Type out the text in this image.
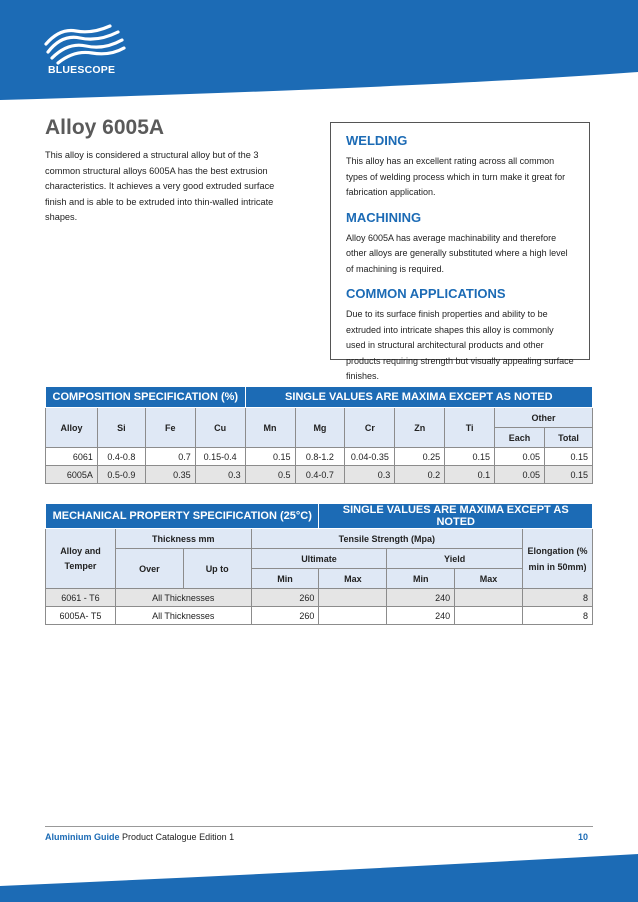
BLUESCOPE
Alloy 6005A

This alloy is considered a structural alloy but of the 3 common structural alloys 6005A has the best extrusion characteristics. It achieves a very good extruded surface finish and is able to be extruded into thin-walled intricate shapes.

WELDING

This alloy has an excellent rating across all common types of welding process which in turn make it great for fabrication application.

MACHINING

Alloy 6005A has average machinability and therefore other alloys are generally substituted where a high level of machining is required.

COMMON APPLICATIONS

Due to its surface finish properties and ability to be extruded into intricate shapes this alloy is commonly used in structural architectural products and other products requiring strength but visually appealing surface finishes.

COMPOSITION SPECIFICATION (%)				SINGLE VALUES ARE MAXIMA EXCEPT AS NOTED						
Alloy	Si	Fe	Cu	Mn	Mg	Cr	Zn	Ti	Other	
									Each	Total
6061	0.4-0.8	0.7	0.15-0.4	0.15	0.8-1.2	0.04-0.35	0.25	0.15	0.05	0.15
6005A	0.5-0.9	0.35	0.3	0.5	0.4-0.7	0.3	0.2	0.1	0.05	0.15
MECHANICAL PROPERTY SPECIFICATION (25°C)				SINGLE VALUES ARE MAXIMA EXCEPT AS NOTED			
Alloy and Temper	Thickness mm		Tensile Strength (Mpa)				Elongation (% min in 50mm)
	Over	Up to	Ultimate		Yield		
			Min	Max	Min	Max	
6061 - T6	All Thicknesses		260		240		8
6005A- T5	All Thicknesses		260		240		8
Aluminium Guide Product Catalogue Edition 1	10
